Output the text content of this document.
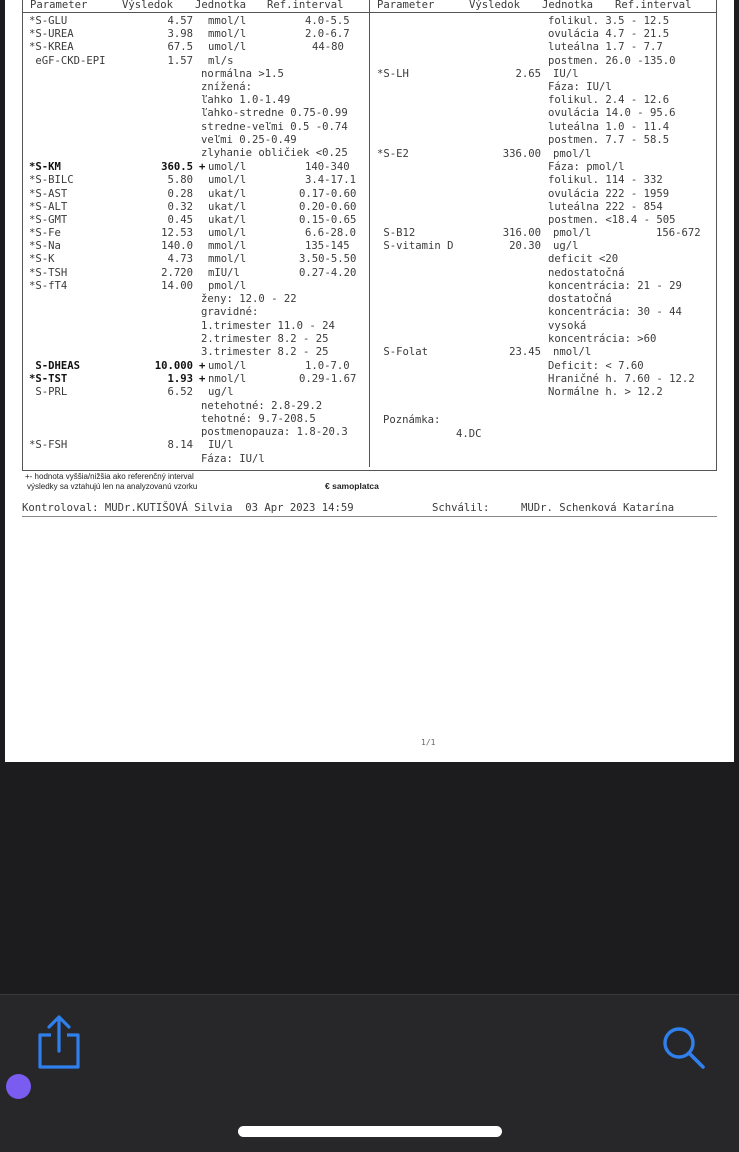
Parameter	Výsledok Jednotka Ref.interval	Parameter	Výsledok Jednotka Ref.interval
Poznámka:
4.DC
+- hodnota vyššia/nižšia ako referenčný interval
výsledky sa vztahujú len na analyzovanú vzorku	€ samoplatca
Kontroloval: MUDr.KUTIŠOVÁ Silvia  03 Apr 2023 14:59	Schválil:	MUDr. Schenková Katarína
1/1
*S-GLU	4.57 mmol/l	4.0-5.5
*S-UREA	3.98 mmol/l	2.0-6.7
*S-KREA	67.5 umol/l	44-80
eGF-CKD-EPI	1.57 ml/s
*S-KM	360.5 + umol/l	140-340
*S-BILC	5.80 umol/l	3.4-17.1
*S-AST	0.28 ukat/l	0.17-0.60
*S-ALT	0.32 ukat/l	0.20-0.60
*S-GMT	0.45 ukat/l	0.15-0.65
*S-Fe	12.53 umol/l	6.6-28.0
*S-Na	140.0 mmol/l	135-145
*S-K	4.73 mmol/l	3.50-5.50
*S-TSH	2.720 mIU/l	0.27-4.20
*S-fT4	14.00 pmol/l
S-DHEAS	10.000 + umol/l	1.0-7.0
*S-TST	1.93 + nmol/l	0.29-1.67
S-PRL	6.52 ug/l
*S-FSH	8.14 IU/l
normálna >1.5
znížená:
ľahko 1.0-1.49
ľahko-stredne 0.75-0.99
stredne-veľmi 0.5 -0.74
veľmi 0.25-0.49
zlyhanie obličiek <0.25
ženy: 12.0 - 22
gravidné:
1.trimester 11.0 - 24
2.trimester 8.2 - 25
3.trimester 8.2 - 25
netehotné: 2.8-29.2
tehotné: 9.7-208.5
postmenopauza: 1.8-20.3
Fáza: IU/l
*S-LH	2.65 IU/l
*S-E2	336.00 pmol/l
S-B12	316.00 pmol/l	156-672
S-vitamin D	20.30 ug/l
S-Folat	23.45 nmol/l
folikul. 3.5 - 12.5
ovulácia 4.7 - 21.5
luteálna 1.7 - 7.7
postmen. 26.0 -135.0
Fáza: IU/l
folikul. 2.4 - 12.6
ovulácia 14.0 - 95.6
luteálna 1.0 - 11.4
postmen. 7.7 - 58.5
Fáza: pmol/l
folikul. 114 - 332
ovulácia 222 - 1959
luteálna 222 - 854
postmen. <18.4 - 505
deficit <20
nedostatočná
koncentrácia: 21 - 29
dostatočná
koncentrácia: 30 - 44
vysoká
koncentrácia: >60
Deficit: < 7.60
Hraničné h. 7.60 - 12.2
Normálne h. > 12.2
